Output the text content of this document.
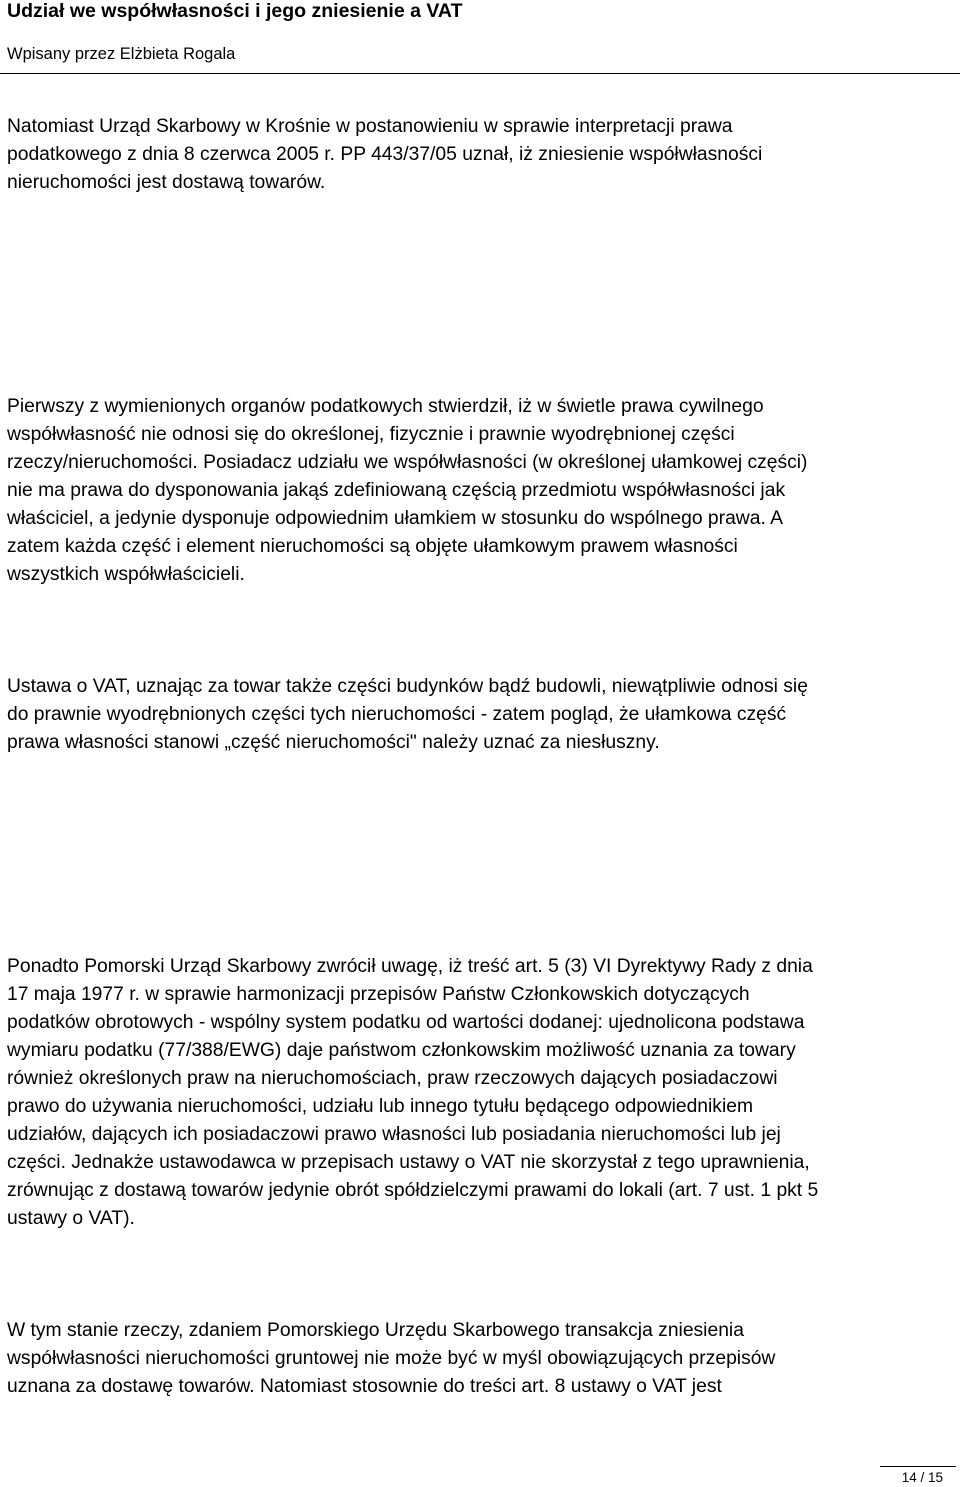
Udział we współwłasności i jego zniesienie a VAT
Wpisany przez Elżbieta Rogala

Natomiast Urząd Skarbowy w Krośnie w postanowieniu w sprawie interpretacji prawa
podatkowego z dnia 8 czerwca 2005 r. PP 443/37/05 uznał, iż zniesienie współwłasności
nieruchomości jest dostawą towarów.

Pierwszy z wymienionych organów podatkowych stwierdził, iż w świetle prawa cywilnego
współwłasność nie odnosi się do określonej, fizycznie i prawnie wyodrębnionej części
rzeczy/nieruchomości. Posiadacz udziału we współwłasności (w określonej ułamkowej części)
nie ma prawa do dysponowania jakąś zdefiniowaną częścią przedmiotu współwłasności jak
właściciel, a jedynie dysponuje odpowiednim ułamkiem w stosunku do wspólnego prawa. A
zatem każda część i element nieruchomości są objęte ułamkowym prawem własności
wszystkich współwłaścicieli.

Ustawa o VAT, uznając za towar także części budynków bądź budowli, niewątpliwie odnosi się
do prawnie wyodrębnionych części tych nieruchomości - zatem pogląd, że ułamkowa część
prawa własności stanowi „część nieruchomości" należy uznać za niesłuszny.

Ponadto Pomorski Urząd Skarbowy zwrócił uwagę, iż treść art. 5 (3) VI Dyrektywy Rady z dnia
17 maja 1977 r. w sprawie harmonizacji przepisów Państw Członkowskich dotyczących
podatków obrotowych - wspólny system podatku od wartości dodanej: ujednolicona podstawa
wymiaru podatku (77/388/EWG) daje państwom członkowskim możliwość uznania za towary
również określonych praw na nieruchomościach, praw rzeczowych dających posiadaczowi
prawo do używania nieruchomości, udziału lub innego tytułu będącego odpowiednikiem
udziałów, dających ich posiadaczowi prawo własności lub posiadania nieruchomości lub jej
części. Jednakże ustawodawca w przepisach ustawy o VAT nie skorzystał z tego uprawnienia,
zrównując z dostawą towarów jedynie obrót spółdzielczymi prawami do lokali (art. 7 ust. 1 pkt 5
ustawy o VAT).

W tym stanie rzeczy, zdaniem Pomorskiego Urzędu Skarbowego transakcja zniesienia
współwłasności nieruchomości gruntowej nie może być w myśl obowiązujących przepisów
uznana za dostawę towarów. Natomiast stosownie do treści art. 8 ustawy o VAT jest

14 / 15
